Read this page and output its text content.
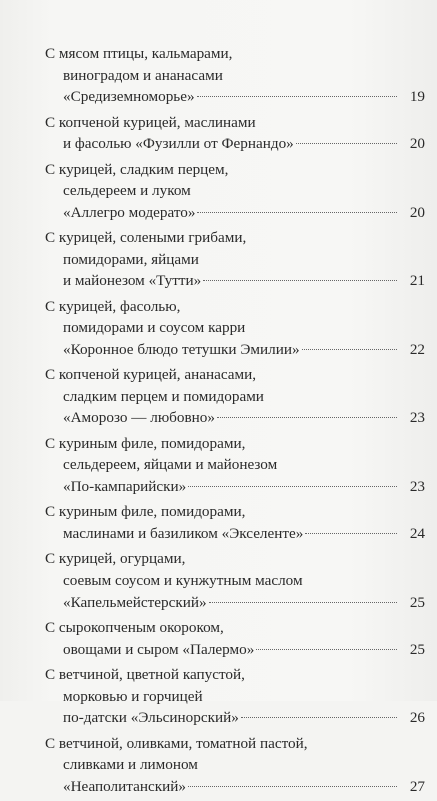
С мясом птицы, кальмарами,
виноградом и ананасами
«Средиземноморье»	19
С копченой курицей, маслинами
и фасолью «Фузилли от Фернандо»	20
С курицей, сладким перцем,
сельдереем и луком
«Аллегро модерато»	20
С курицей, солеными грибами,
помидорами, яйцами
и майонезом «Тутти»	21
С курицей, фасолью,
помидорами и соусом карри
«Коронное блюдо тетушки Эмилии»	22
С копченой курицей, ананасами,
сладким перцем и помидорами
«Аморозо — любовно»	23
С куриным филе, помидорами,
сельдереем, яйцами и майонезом
«По-кампарийски»	23
С куриным филе, помидорами,
маслинами и базиликом «Экселенте»	24
С курицей, огурцами,
соевым соусом и кунжутным маслом
«Капельмейстерский»	25
С сырокопченым окороком,
овощами и сыром «Палермо»	25
С ветчиной, цветной капустой,
морковью и горчицей
по-датски «Эльсинорский»	26
С ветчиной, оливками, томатной пастой,
сливками и лимоном
«Неаполитанский»	27
